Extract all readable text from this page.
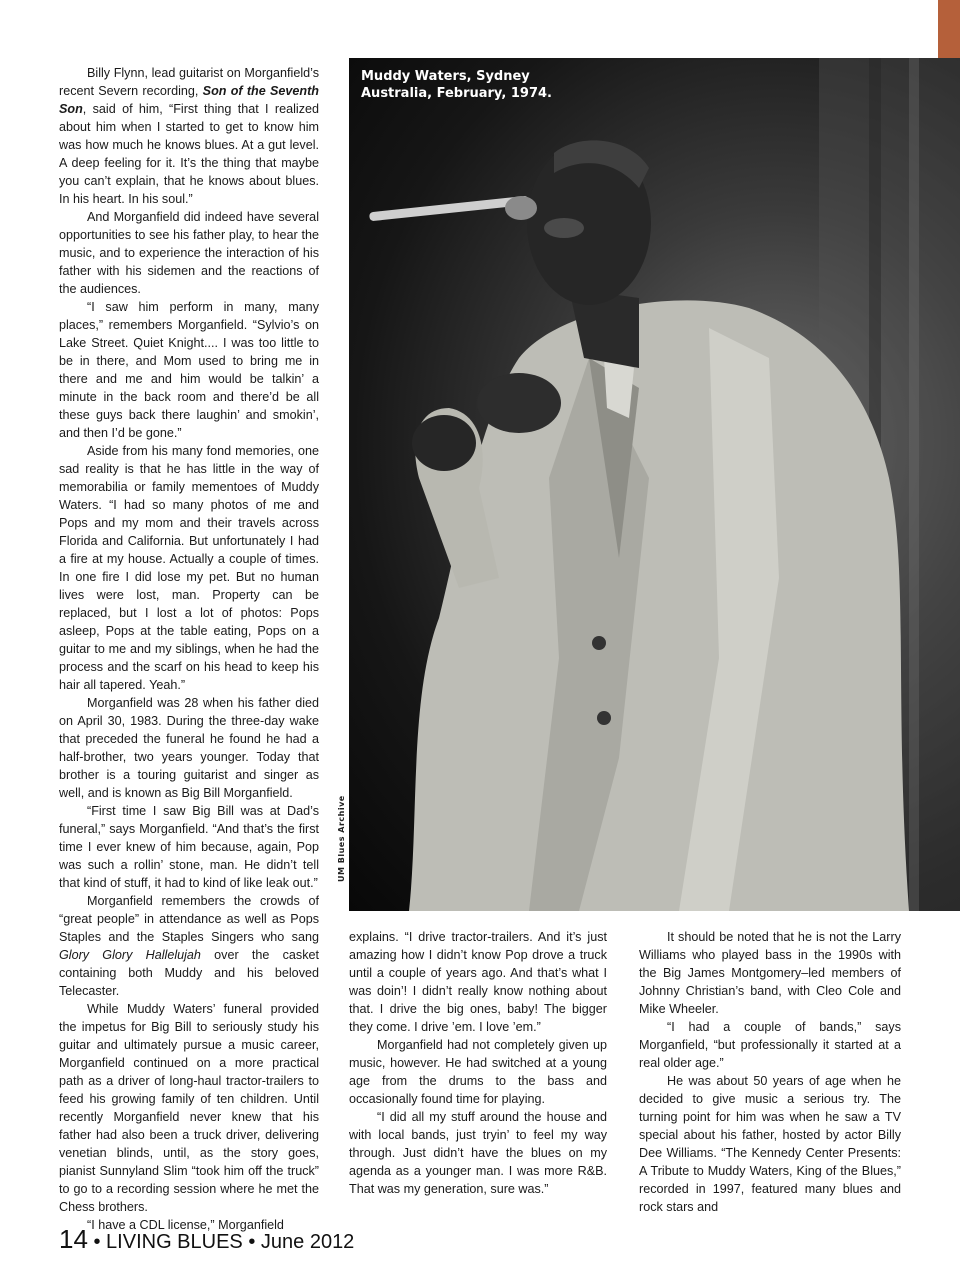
Billy Flynn, lead guitarist on Morganfield’s recent Severn recording, Son of the Seventh Son, said of him, “First thing that I realized about him when I started to get to know him was how much he knows blues. At a gut level. A deep feeling for it. It’s the thing that maybe you can’t explain, that he knows about blues. In his heart. In his soul.”

And Morganfield did indeed have several opportunities to see his father play, to hear the music, and to experience the interaction of his father with his sidemen and the reactions of the audiences.

“I saw him perform in many, many places,” remembers Morganfield. “Sylvio’s on Lake Street. Quiet Knight.... I was too little to be in there, and Mom used to bring me in there and me and him would be talkin’ a minute in the back room and there’d be all these guys back there laughin’ and smokin’, and then I’d be gone.”

Aside from his many fond memories, one sad reality is that he has little in the way of memorabilia or family mementoes of Muddy Waters. “I had so many photos of me and Pops and my mom and their travels across Florida and California. But unfortunately I had a fire at my house. Actually a couple of times. In one fire I did lose my pet. But no human lives were lost, man. Property can be replaced, but I lost a lot of photos: Pops asleep, Pops at the table eating, Pops on a guitar to me and my siblings, when he had the process and the scarf on his head to keep his hair all tapered. Yeah.”

Morganfield was 28 when his father died on April 30, 1983. During the three-day wake that preceded the funeral he found he had a half-brother, two years younger. Today that brother is a touring guitarist and singer as well, and is known as Big Bill Morganfield.

“First time I saw Big Bill was at Dad’s funeral,” says Morganfield. “And that’s the first time I ever knew of him because, again, Pop was such a rollin’ stone, man. He didn’t tell that kind of stuff, it had to kind of like leak out.”

Morganfield remembers the crowds of “great people” in attendance as well as Pops Staples and the Staples Singers who sang Glory Glory Hallelujah over the casket containing both Muddy and his beloved Telecaster.

While Muddy Waters’ funeral provided the impetus for Big Bill to seriously study his guitar and ultimately pursue a music career, Morganfield continued on a more practical path as a driver of long-haul tractor-trailers to feed his growing family of ten children. Until recently Morganfield never knew that his father had also been a truck driver, delivering venetian blinds, until, as the story goes, pianist Sunnyland Slim “took him off the truck” to go to a recording session where he met the Chess brothers.

“I have a CDL license,” Morganfield

Muddy Waters, Sydney
Australia, February, 1974.
UM Blues Archive

explains. “I drive tractor-trailers. And it’s just amazing how I didn’t know Pop drove a truck until a couple of years ago. And that’s what I was doin’! I didn’t really know nothing about that. I drive the big ones, baby! The bigger they come. I drive ’em. I love ’em.”

Morganfield had not completely given up music, however. He had switched at a young age from the drums to the bass and occasionally found time for playing.

“I did all my stuff around the house and with local bands, just tryin’ to feel my way through. Just didn’t have the blues on my agenda as a younger man. I was more R&B. That was my generation, sure was.”

It should be noted that he is not the Larry Williams who played bass in the 1990s with the Big James Montgomery–led members of Johnny Christian’s band, with Cleo Cole and Mike Wheeler.

“I had a couple of bands,” says Morganfield, “but professionally it started at a real older age.”

He was about 50 years of age when he decided to give music a serious try. The turning point for him was when he saw a TV special about his father, hosted by actor Billy Dee Williams. “The Kennedy Center Presents: A Tribute to Muddy Waters, King of the Blues,” recorded in 1997, featured many blues and rock stars and

14 • LIVING BLUES • June 2012
